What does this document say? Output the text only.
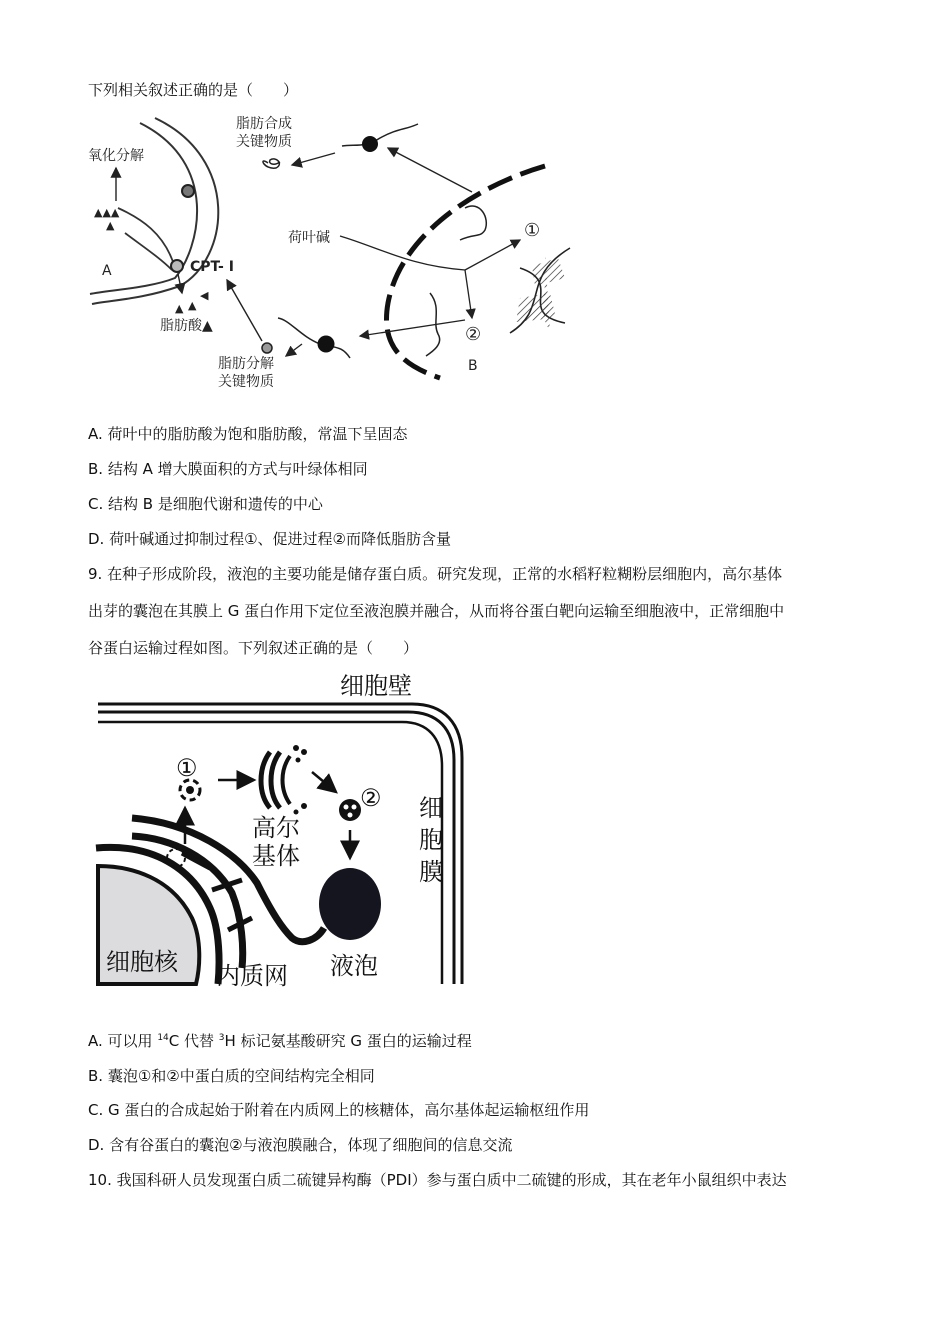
下列相关叙述正确的是（　　）
氧化分解
▲▲▲
▲
A	CPT- I
▲ ▲
◀
脂肪酸▲
脂肪合成
关键物质
荷叶碱	①
②
B
脂肪分解
关键物质
A. 荷叶中的脂肪酸为饱和脂肪酸，常温下呈固态
B. 结构 A 增大膜面积的方式与叶绿体相同
C. 结构 B 是细胞代谢和遗传的中心
D. 荷叶碱通过抑制过程①、促进过程②而降低脂肪含量
9. 在种子形成阶段，液泡的主要功能是储存蛋白质。研究发现，正常的水稻籽粒糊粉层细胞内，高尔基体
出芽的囊泡在其膜上 G 蛋白作用下定位至液泡膜并融合，从而将谷蛋白靶向运输至细胞液中，正常细胞中
谷蛋白运输过程如图。下列叙述正确的是（　　）
细胞壁
细
胞
膜
细胞核 内质网
①
高尔
基体
②
液泡
A. 可以用 $^{14}$C 代替 $^3$H 标记氨基酸研究 G 蛋白的运输过程
B. 囊泡①和②中蛋白质的空间结构完全相同
C. G 蛋白的合成起始于附着在内质网上的核糖体，高尔基体起运输枢纽作用
D. 含有谷蛋白的囊泡②与液泡膜融合，体现了细胞间的信息交流
10. 我国科研人员发现蛋白质二硫键异构酶（PDI）参与蛋白质中二硫键的形成，其在老年小鼠组织中表达
